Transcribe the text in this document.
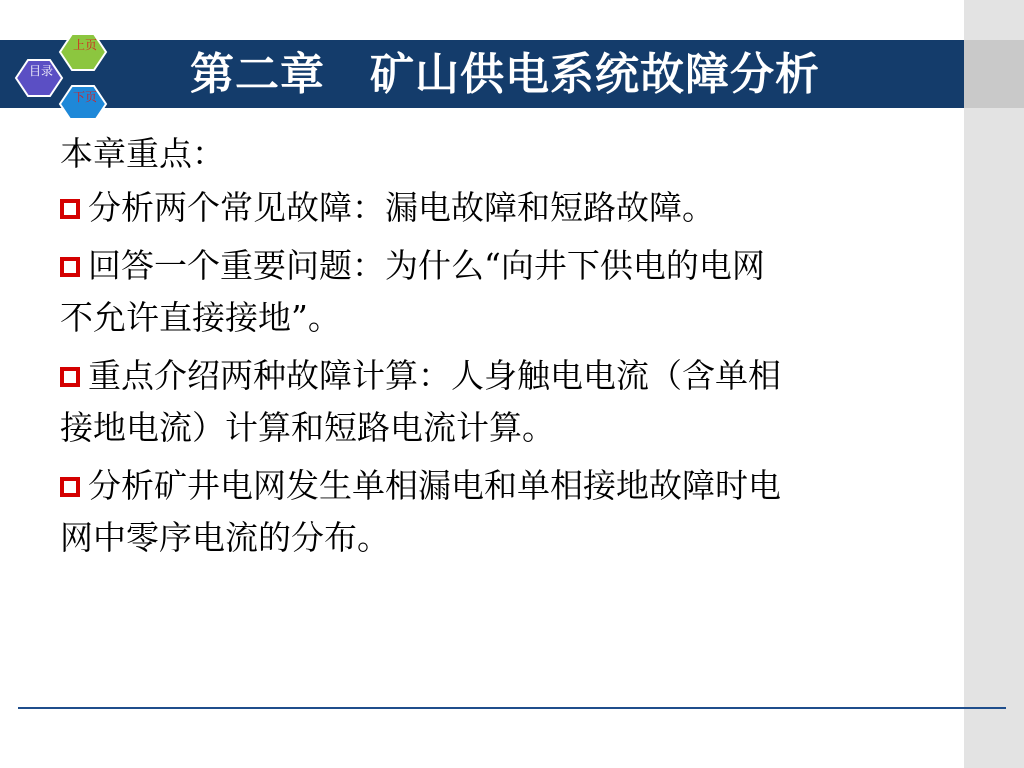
第二章　矿山供电系统故障分析
上页
目录
下页
本章重点：
分析两个常见故障：漏电故障和短路故障。
回答一个重要问题：为什么“向井下供电的电网
不允许直接接地”。
重点介绍两种故障计算：人身触电电流（含单相
接地电流）计算和短路电流计算。
分析矿井电网发生单相漏电和单相接地故障时电
网中零序电流的分布。
